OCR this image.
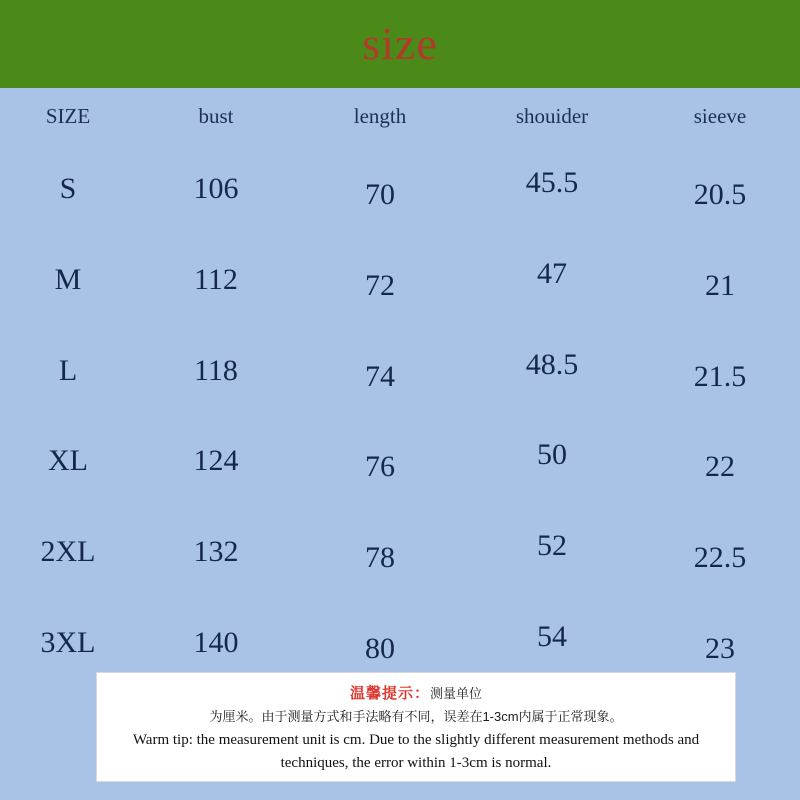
size
SIZE	bust	length	shouider	sieeve
S	106	70	45.5	20.5
M	112	72	47	21
L	118	74	48.5	21.5
XL	124	76	50	22
2XL	132	78	52	22.5
3XL	140	80	54	23
温馨提示：测量单位
为厘米。由于测量方式和手法略有不同，误差在1-3cm内属于正常现象。
Warm tip: the measurement unit is cm. Due to the slightly different measurement methods and
techniques, the error within 1-3cm is normal.
